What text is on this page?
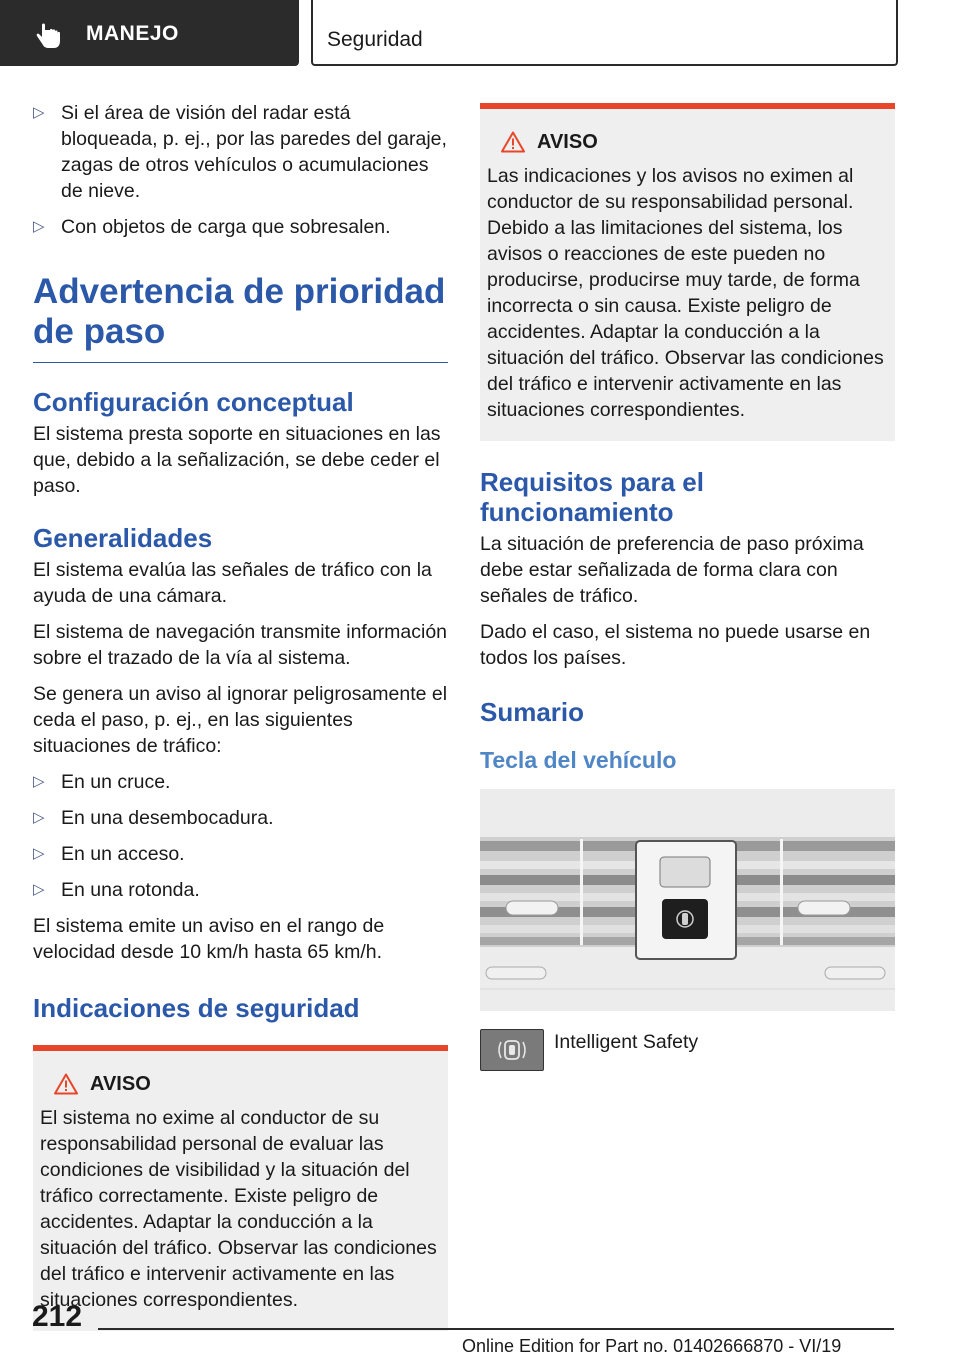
MANEJO	Seguridad
▷ Si el área de visión del radar está bloqueada, p. ej., por las paredes del garaje, zagas de otros vehículos o acumulaciones de nieve.
▷ Con objetos de carga que sobresalen.
Advertencia de prioridad de paso
Configuración conceptual

El sistema presta soporte en situaciones en las que, debido a la señalización, se debe ceder el paso.

Generalidades

El sistema evalúa las señales de tráfico con la ayuda de una cámara.

El sistema de navegación transmite información sobre el trazado de la vía al sistema.

Se genera un aviso al ignorar peligrosamente el ceda el paso, p. ej., en las siguientes situaciones de tráfico:

▷ En un cruce.
▷ En una desembocadura.
▷ En un acceso.
▷ En una rotonda.

El sistema emite un aviso en el rango de velocidad desde 10 km/h hasta 65 km/h.

Indicaciones de seguridad
AVISO

El sistema no exime al conductor de su responsabilidad personal de evaluar las condiciones de visibilidad y la situación del tráfico correctamente. Existe peligro de accidentes. Adaptar la conducción a la situación del tráfico. Observar las condiciones del tráfico e intervenir activamente en las situaciones correspondientes.

AVISO

Las indicaciones y los avisos no eximen al conductor de su responsabilidad personal. Debido a las limitaciones del sistema, los avisos o reacciones de este pueden no producirse, producirse muy tarde, de forma incorrecta o sin causa. Existe peligro de accidentes. Adaptar la conducción a la situación del tráfico. Observar las condiciones del tráfico e intervenir activamente en las situaciones correspondientes.

Requisitos para el funcionamiento

La situación de preferencia de paso próxima debe estar señalizada de forma clara con señales de tráfico.

Dado el caso, el sistema no puede usarse en todos los países.

Sumario
Tecla del vehículo
Intelligent Safety
212
Online Edition for Part no. 01402666870 - VI/19
